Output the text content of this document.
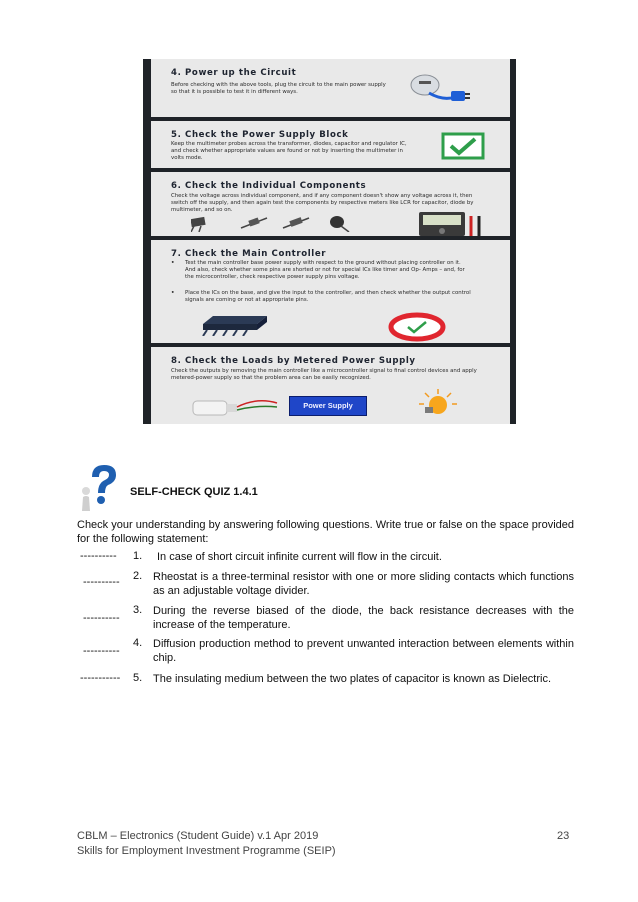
4. Power up the Circuit
Before checking with the above tools, plug the circuit to the main power supply so that it is possible to test it in different ways.
5. Check the Power Supply Block
Keep the multimeter probes across the transformer, diodes, capacitor and regulator IC, and check whether appropriate values are found or not by inserting the multimeter in volts mode.
6. Check the Individual Components
Check the voltage across individual component, and if any component doesn't show any voltage across it, then switch off the supply, and then again test the components by respective meters like LCR for capacitor, diode by multimeter, and so on.
7. Check the Main Controller
• Test the main controller base power supply with respect to the ground without placing controller on it. And also, check whether some pins are shorted or not for special ICs like timer and Op- Amps – and, for the microcontroller, check respective power supply pins voltage.
• Place the ICs on the base, and give the input to the controller, and then check whether the output control signals are coming or not at appropriate pins.
8. Check the Loads by Metered Power Supply
Check the outputs by removing the main controller like a microcontroller signal to final control devices and apply metered-power supply so that the problem area can be easily recognized.
Power Supply
SELF-CHECK QUIZ 1.4.1
Check your understanding by answering following questions. Write true or false on the space provided for the following statement:
---------- 1. In case of short circuit infinite current will flow in the circuit.
---------- 2. Rheostat is a three-terminal resistor with one or more sliding contacts which functions as an adjustable voltage divider.
----------
3. During the reverse biased of the diode, the back resistance decreases with the increase of the temperature.
----------
4. Diffusion production method to prevent unwanted interaction between elements within chip.
----------- 5. The insulating medium between the two plates of capacitor is known as Dielectric.
CBLM – Electronics (Student Guide) v.1 Apr 2019
Skills for Employment Investment Programme (SEIP)
23
